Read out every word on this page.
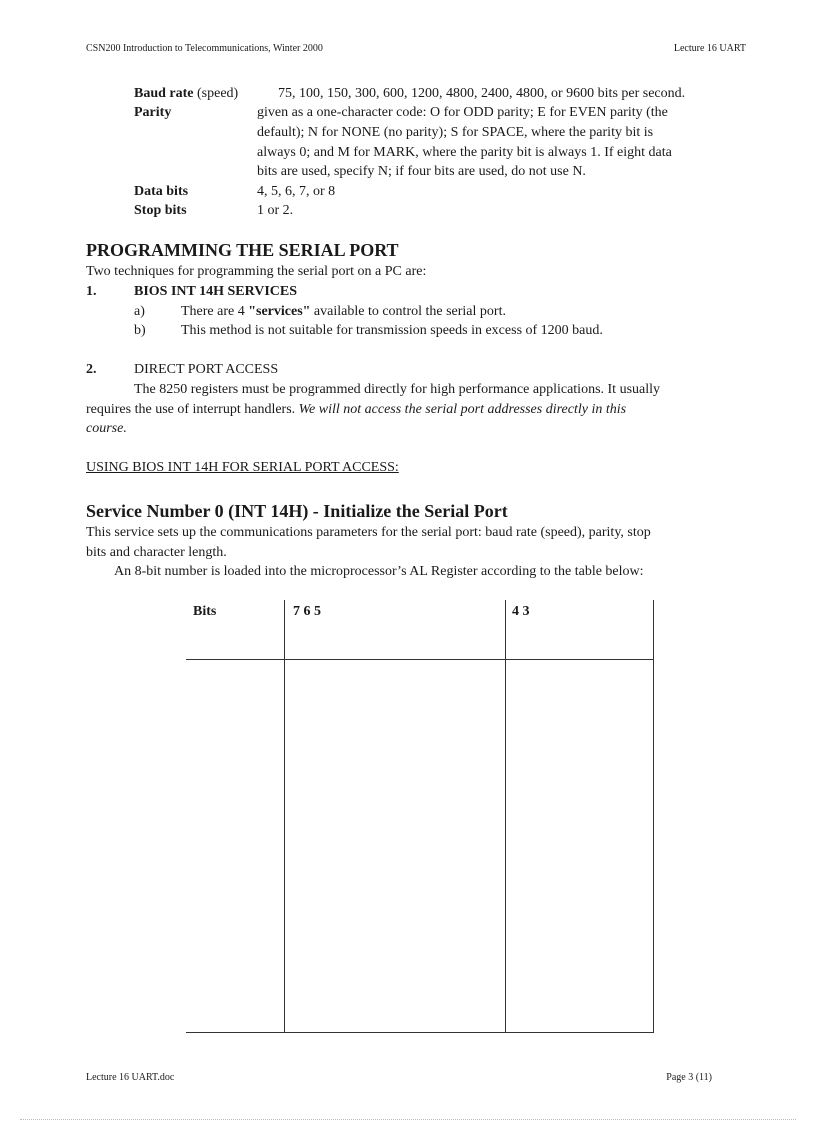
CSN200 Introduction to Telecommunications, Winter 2000	Lecture 16 UART
Baud rate (speed)	75, 100, 150, 300, 600, 1200, 4800, 2400, 4800, or 9600 bits per second.
Parity	given as a one-character code: O for ODD parity; E for EVEN parity (the
default); N for NONE (no parity); S for SPACE, where the parity bit is
always 0; and M for MARK, where the parity bit is always 1. If eight data
bits are used, specify N; if four bits are used, do not use N.
Data bits	4, 5, 6, 7, or 8
Stop bits	1 or 2.
PROGRAMMING THE SERIAL PORT
Two techniques for programming the serial port on a PC are:
1.	BIOS INT 14H SERVICES
a)	There are 4 "services" available to control the serial port.
b)	This method is not suitable for transmission speeds in excess of 1200 baud.
2.	DIRECT PORT ACCESS
The 8250 registers must be programmed directly for high performance applications. It usually
requires the use of interrupt handlers. We will not access the serial port addresses directly in this
course.
USING BIOS INT 14H FOR SERIAL PORT ACCESS:
Service Number 0 (INT 14H) - Initialize the Serial Port
This service sets up the communications parameters for the serial port: baud rate (speed), parity, stop
bits and character length.
An 8-bit number is loaded into the microprocessor’s AL Register according to the table below:
Bits	7 6 5	4 3
Lecture 16 UART.doc	Page 3 (11)
